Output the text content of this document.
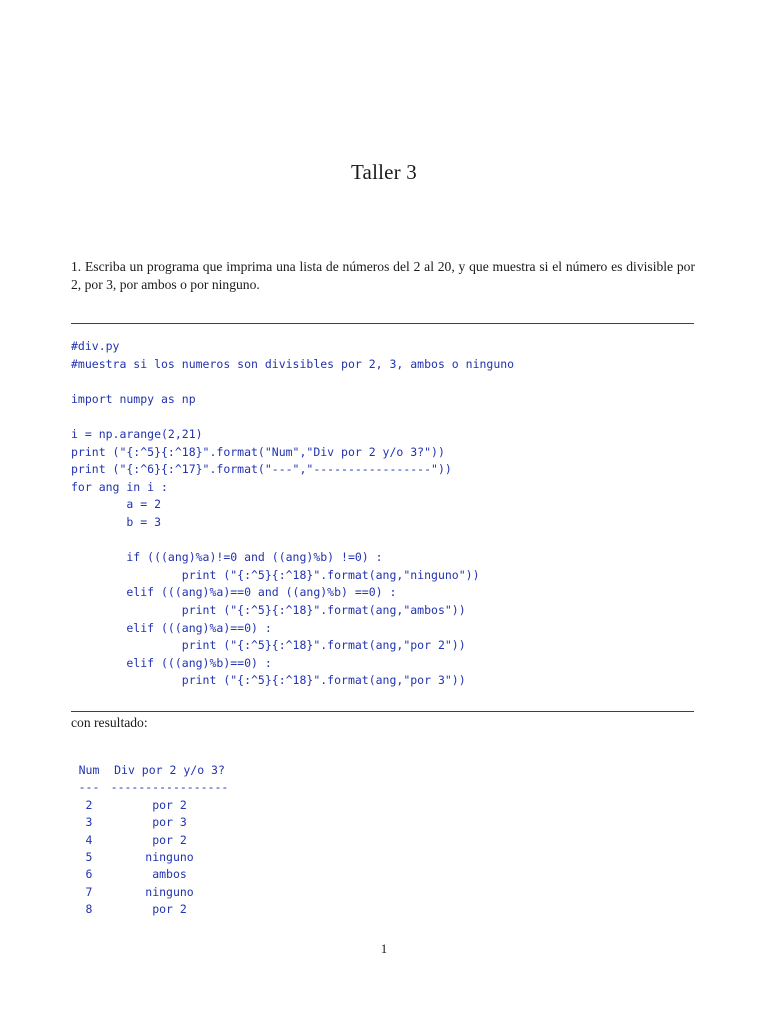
Taller 3
1. Escriba un programa que imprima una lista de números del 2 al 20, y que muestra si el número es divisible por 2, por 3, por ambos o por ninguno.
#div.py
#muestra si los numeros son divisibles por 2, 3, ambos o ninguno
import numpy as np
i = np.arange(2,21)
print ("{:^5}{:^18}".format("Num","Div por 2 y/o 3?"))
print ("{:^6}{:^17}".format("---","-----------------"))
for ang in i :
a = 2
b = 3
if (((ang)%a)!=0 and ((ang)%b) !=0) :
print ("{:^5}{:^18}".format(ang,"ninguno"))
elif (((ang)%a)==0 and ((ang)%b) ==0) :
print ("{:^5}{:^18}".format(ang,"ambos"))
elif (((ang)%a)==0) :
print ("{:^5}{:^18}".format(ang,"por 2"))
elif (((ang)%b)==0) :
print ("{:^5}{:^18}".format(ang,"por 3"))
con resultado:
Num Div por 2 y/o 3?
--- -----------------
2	por 2
3	por 3
4	por 2
5	ninguno
6	ambos
7	ninguno
8	por 2
1
